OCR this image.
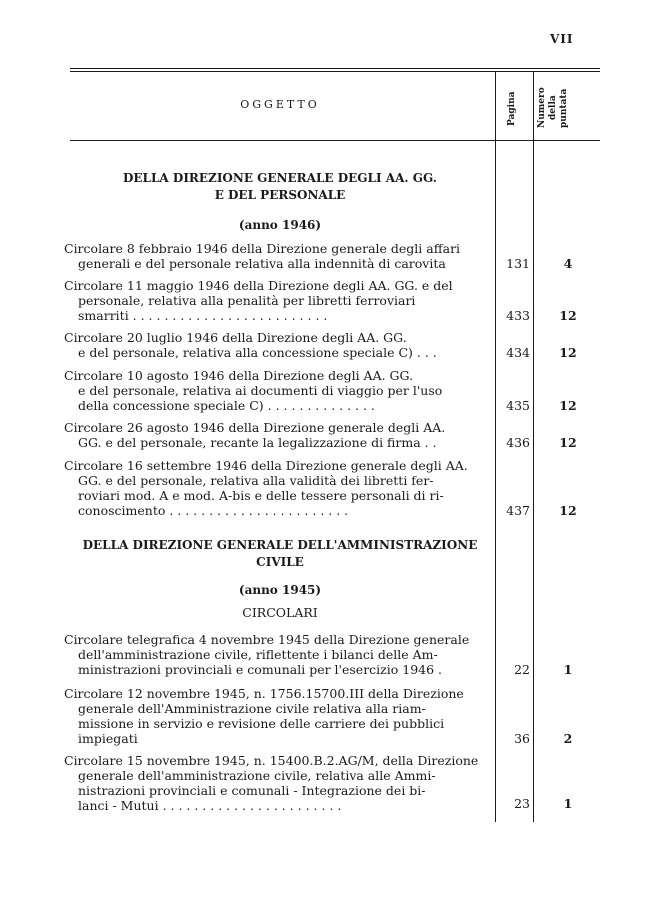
VII
OGGETTO	Pagina Numero della puntata
DELLA DIREZIONE GENERALE DEGLI AA. GG.
E DEL PERSONALE
(anno 1946)
Circolare 8 febbraio 1946 della Direzione generale degli affari
generali e del personale relativa alla indennità di carovita	131	4
Circolare 11 maggio 1946 della Direzione degli AA. GG. e del
personale, relativa alla penalità per libretti ferroviari
smarriti . . . . . . . . . . . . . . . . . . . . . . . . .	433	12
Circolare 20 luglio 1946 della Direzione degli AA. GG.
e del personale, relativa alla concessione speciale C) . . .	434	12
Circolare 10 agosto 1946 della Direzione degli AA. GG.
e del personale, relativa ai documenti di viaggio per l'uso
della concessione speciale C) . . . . . . . . . . . . . .	435	12
Circolare 26 agosto 1946 della Direzione generale degli AA.
GG. e del personale, recante la legalizzazione di firma . .	436	12
Circolare 16 settembre 1946 della Direzione generale degli AA.
GG. e del personale, relativa alla validità dei libretti fer-
roviari mod. A e mod. A-bis e delle tessere personali di ri-
conoscimento . . . . . . . . . . . . . . . . . . . . . . .	437	12
DELLA DIREZIONE GENERALE DELL'AMMINISTRAZIONE
CIVILE
(anno 1945)
CIRCOLARI
Circolare telegrafica 4 novembre 1945 della Direzione generale
dell'amministrazione civile, riflettente i bilanci delle Am-
ministrazioni provinciali e comunali per l'esercizio 1946 .	22	1
Circolare 12 novembre 1945, n. 1756.15700.III della Direzione
generale dell'Amministrazione civile relativa alla riam-
missione in servizio e revisione delle carriere dei pubblici
impiegati	36	2
Circolare 15 novembre 1945, n. 15400.B.2.AG/M, della Direzione
generale dell'amministrazione civile, relativa alle Ammi-
nistrazioni provinciali e comunali - Integrazione dei bi-
lanci - Mutui . . . . . . . . . . . . . . . . . . . . . . .	23	1
